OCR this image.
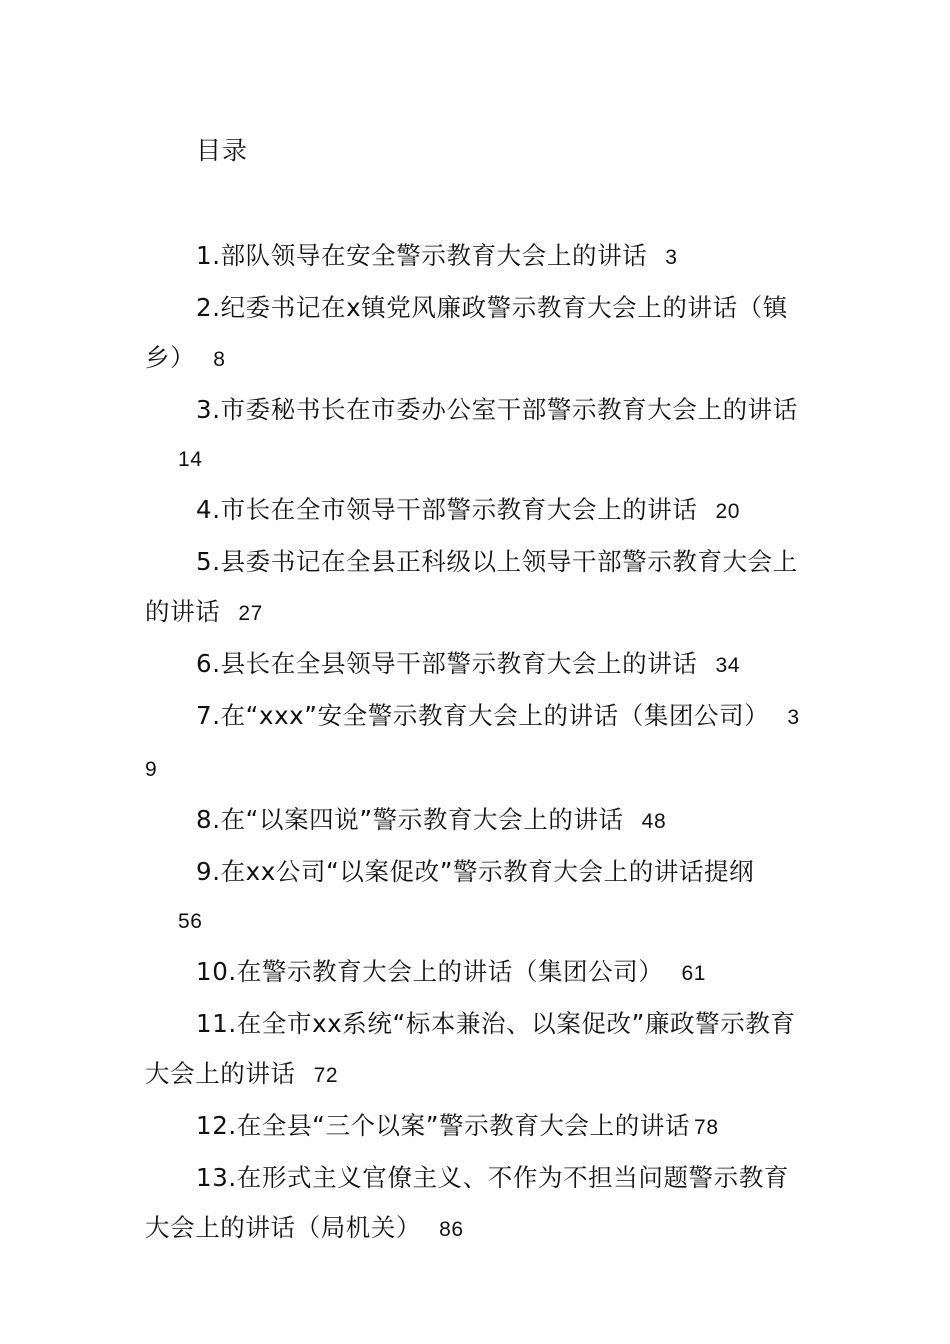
目录
1.部队领导在安全警示教育大会上的讲话 3
2.纪委书记在x镇党风廉政警示教育大会上的讲话（镇乡） 8
3.市委秘书长在市委办公室干部警示教育大会上的讲话
14
4.市长在全市领导干部警示教育大会上的讲话 20
5.县委书记在全县正科级以上领导干部警示教育大会上的讲话 27
6.县长在全县领导干部警示教育大会上的讲话 34
7.在“xxx”安全警示教育大会上的讲话（集团公司） 39
8.在“以案四说”警示教育大会上的讲话 48
9.在xx公司“以案促改”警示教育大会上的讲话提纲
56
10.在警示教育大会上的讲话（集团公司） 61
11.在全市xx系统“标本兼治、以案促改”廉政警示教育大会上的讲话 72
12.在全县“三个以案”警示教育大会上的讲话 78
13.在形式主义官僚主义、不作为不担当问题警示教育大会上的讲话（局机关） 86
